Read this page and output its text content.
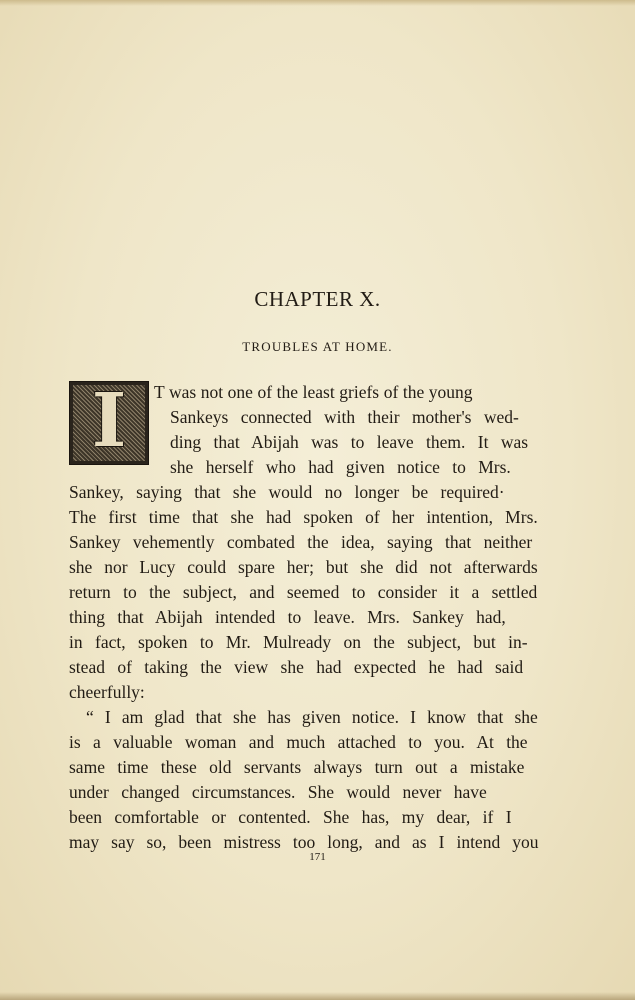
CHAPTER X.
TROUBLES AT HOME.
I	T was not one of the least griefs of the young
Sankeys connected with their mother's wed-
ding that Abijah was to leave them. It was
she herself who had given notice to Mrs.
Sankey, saying that she would no longer be required·
The first time that she had spoken of her intention, Mrs.
Sankey vehemently combated the idea, saying that neither
she nor Lucy could spare her; but she did not afterwards
return to the subject, and seemed to consider it a settled
thing that Abijah intended to leave. Mrs. Sankey had,
in fact, spoken to Mr. Mulready on the subject, but in-
stead of taking the view she had expected he had said
cheerfully:
“ I am glad that she has given notice. I know that she
is a valuable woman and much attached to you. At the
same time these old servants always turn out a mistake
under changed circumstances. She would never have
been comfortable or contented. She has, my dear, if I
may say so, been mistress too long, and as I intend you
171
